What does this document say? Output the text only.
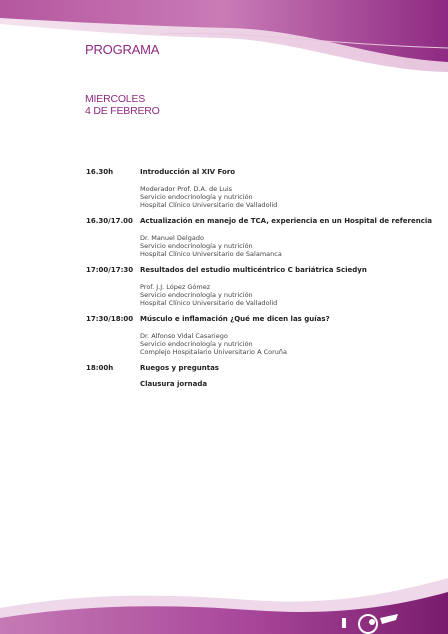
PROGRAMA
MIERCOLES
4 DE FEBRERO
16.30h	Introducción al XIV Foro
Moderador Prof. D.A. de Luis
Servicio endocrinología y nutrición
Hospital Clínico Universitario de Valladolid
16.30/17.00	Actualización en manejo de TCA, experiencia en un Hospital de referencia
Dr. Manuel Delgado
Servicio endocrinología y nutrición
Hospital Clínico Universitario de Salamanca
17:00/17:30 Resultados del estudio multicéntrico C bariátrica Sciedyn
Prof. J.J. López Gómez
Servicio endocrinología y nutrición
Hospital Clínico Universitario de Valladolid
17:30/18:00 Músculo e inflamación ¿Qué me dicen las guías?
Dr. Alfonso Vidal Casariego
Servicio endocrinología y nutrición
Complejo Hospitalario Universitario A Coruña
18:00h	Ruegos y preguntas
Clausura jornada
